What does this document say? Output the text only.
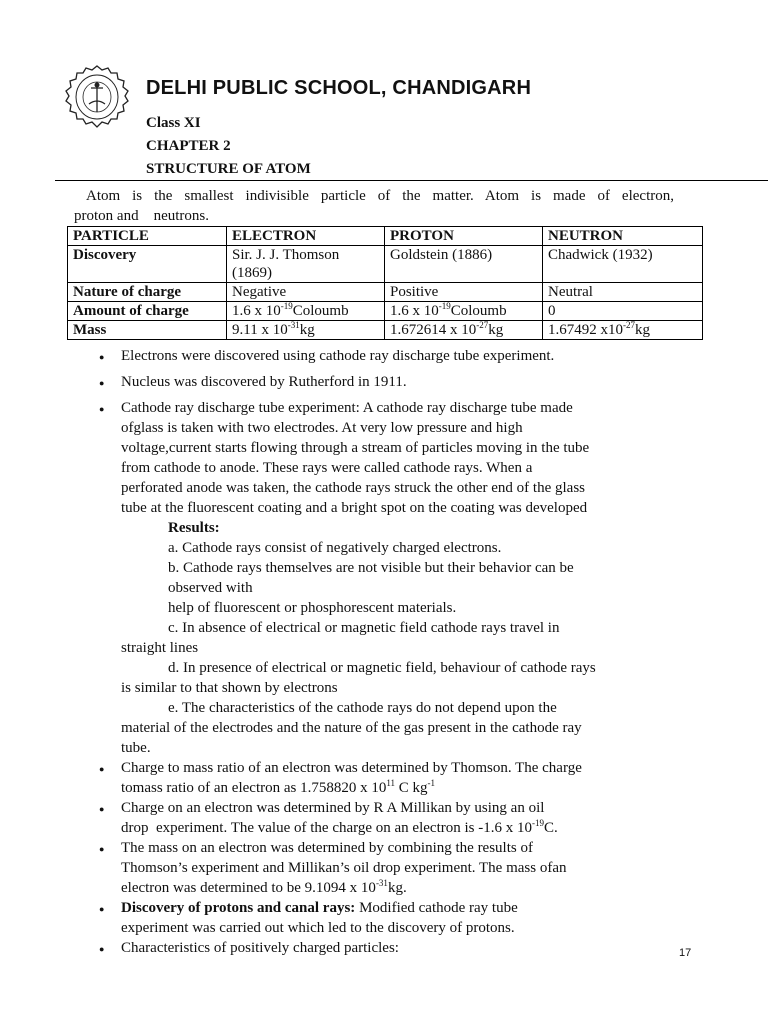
DELHI PUBLIC SCHOOL, CHANDIGARH
Class XI
CHAPTER 2
STRUCTURE OF ATOM
Atom is the smallest indivisible particle of the matter. Atom is made of electron,
proton and    neutrons.
PARTICLE	ELECTRON	PROTON	NEUTRON
Discovery	Sir. J. J. Thomson (1869)	Goldstein (1886)	Chadwick (1932)
Nature of charge	Negative	Positive	Neutral
Amount of charge	1.6 x $10^{-19}Coloumb$	1.6 x $10^{-19}Coloumb$	0
Mass	9.11 x $10^{-31}kg$	1.672614 x $10^{-27}kg$	1.67492 $x10^{-27}kg$
● Electrons were discovered using cathode ray discharge tube experiment.
● Nucleus was discovered by Rutherford in 1911.
● Cathode ray discharge tube experiment: A cathode ray discharge tube made
ofglass is taken with two electrodes. At very low pressure and high
voltage,current starts flowing through a stream of particles moving in the tube
from cathode to anode. These rays were called cathode rays. When a
perforated anode was taken, the cathode rays struck the other end of the glass
tube at the fluorescent coating and a bright spot on the coating was developed
Results:
a. Cathode rays consist of negatively charged electrons.
b. Cathode rays themselves are not visible but their behavior can be
observed with
help of fluorescent or phosphorescent materials.
c. In absence of electrical or magnetic field cathode rays travel in
straight lines
d. In presence of electrical or magnetic field, behaviour of cathode rays
is similar to that shown by electrons
e. The characteristics of the cathode rays do not depend upon the
material of the electrodes and the nature of the gas present in the cathode ray
tube.
● Charge to mass ratio of an electron was determined by Thomson. The charge
tomass ratio of an electron as 1.758820 x $10^{11}$ C $kg^{-1}$
● Charge on an electron was determined by R A Millikan by using an oil
drop  experiment. The value of the charge on an electron is -1.6 x $10^{-19}C$.
● The mass on an electron was determined by combining the results of
Thomson’s experiment and Millikan’s oil drop experiment. The mass ofan
electron was determined to be 9.1094 x $10^{-31}kg$.
● Discovery of protons and canal rays: Modified cathode ray tube
experiment was carried out which led to the discovery of protons.
● Characteristics of positively charged particles:	17
